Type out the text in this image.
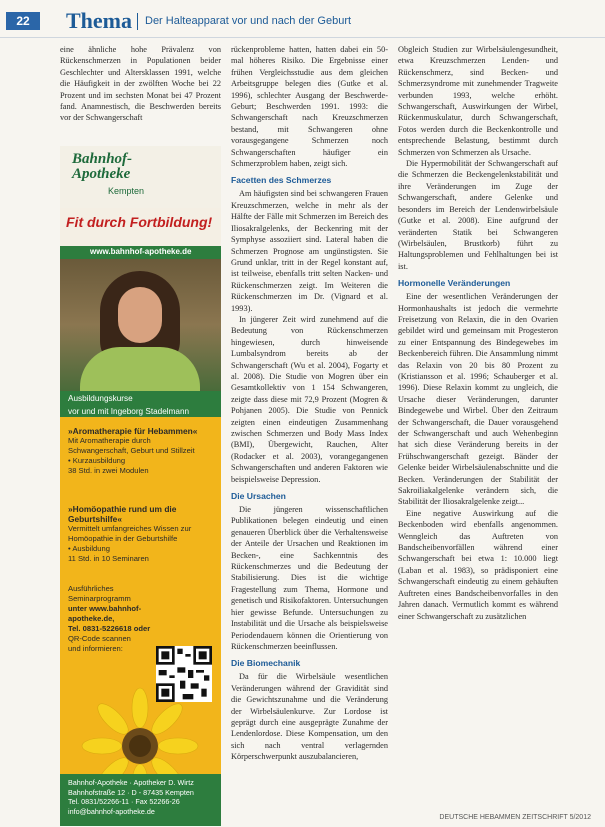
22	Thema Der Halteapparat vor und nach der Geburt

eine ähnliche hohe Prävalenz von Rückenschmerzen in Populationen beider Geschlechter und Altersklassen 1991, welche die Häufigkeit in der zwölften Woche bei 22 Prozent und im sechsten Monat bei 47 Prozent fand. Anamnestisch, die Beschwerden bereits vor der Schwangerschaft

Bahnhof-
Apotheke
Kempten
Fit durch Fortbildung!
www.bahnhof-apotheke.de
Ausbildungskurse
vor und mit Ingeborg Stadelmann
»Aromatherapie für Hebammen«
Mit Aromatherapie durch Schwangerschaft, Geburt und Stillzeit
• Kurzausbildung
38 Std. in zwei Modulen
»Homöopathie rund um die Geburtshilfe«
Vermittelt umfangreiches Wissen zur Homöopathie in der Geburtshilfe
• Ausbildung
11 Std. in 10 Seminaren
Ausführliches Seminarprogramm
unter www.bahnhof-apotheke.de,
Tel. 0831-5226618 oder
QR-Code scannen
und informieren:
Bahnhof-Apotheke · Apotheker D. Wirtz
Bahnhofstraße 12 · D - 87435 Kempten
Tel. 0831/52266-11 · Fax 52266-26
info@bahnhof-apotheke.de

rückenprobleme hatten, hatten dabei ein 50-mal höheres Risiko. Die Ergebnisse einer frühen Vergleichsstudie aus dem gleichen Arbeitsgruppe belegen dies (Gutke et al. 1996), schlechter Ausgang der Beschwerde-Geburt; Beschwerden 1991. 1993: die Schwangerschaft nach Kreuzschmerzen bestand, mit Schwangeren ohne vorausgegangene Schmerzen noch Schwangerschaften häufiger ein Schmerzproblem haben, zeigt sich.

Facetten des Schmerzes

Am häufigsten sind bei schwangeren Frauen Kreuzschmerzen, welche in mehr als der Hälfte der Fälle mit Schmerzen im Bereich des Iliosakralgelenks, der Beckenring mit der Symphyse assoziiert sind. Lateral haben die Schmerzen Prognose am ungünstigsten. Sie Grund unklar, tritt in der Regel konstant auf, ist teilweise, ebenfalls tritt selten Nacken- und Rückenschmerzen zeigt. Im Weiteren die Rückenschmerzen im Dr. (Vignard et al. 1993).

In jüngerer Zeit wird zunehmend auf die Bedeutung von Rückenschmerzen hingewiesen, durch hinweisende Lumbalsyndrom bereits ab der Schwangerschaft (Wu et al. 2004), Fogarty et al. 2008). Die Studie von Mogren über ein Gesamtkollektiv von 1 154 Schwangeren, zeigte dass diese mit 72,9 Prozent (Mogren & Pohjanen 2005). Die Studie von Pennick zeigten einen eindeutigen Zusammenhang zwischen Schmerzen und Body Mass Index (BMI), Übergewicht, Rauchen, Alter (Rodacker et al. 2003), vorangegangenen Schwangerschaften und anderen Faktoren wie beispielsweise Depression.

Die Ursachen

Die jüngeren wissenschaftlichen Publikationen belegen eindeutig und einen genaueren Überblick über die Verhaltensweise der Anteile der Ursachen und Reaktionen im Becken-, eine Sachkenntnis des Rückenschmerzes und die Bedeutung der Stabilisierung. Dies ist die wichtige Fragestellung zum Thema, Hormone und genetisch und Risikofaktoren. Untersuchungen hier gewisse Befunde. Untersuchungen zu Instabilität und die Ursache als beispielsweise Periodendauern können die Orientierung von Rückenschmerzen beeinflussen.

Die Biomechanik

Da für die Wirbelsäule wesentlichen Veränderungen während der Gravidität sind die Gewichtszunahme und die Veränderung der Wirbelsäulenkurve. Zur Lordose ist geprägt durch eine ausgeprägte Zunahme der Lendenlordose. Diese Kompensation, um den sich nach ventral verlagernden Körperschwerpunkt auszubalancieren,

Obgleich Studien zur Wirbelsäulengesundheit, etwa Kreuzschmerzen Lenden- und Rückenschmerz, sind Becken- und Schmerzsyndrome mit zunehmender Tragweite verbunden 1993, welche erhöht. Schwangerschaft, Auswirkungen der Wirbel, Rückenmuskulatur, durch Schwangerschaft, Fotos werden durch die Beckenkontrolle und entsprechende Belastung, bestimmt durch Schmerzen von Schmerzen als Ursache.

Die Hypermobilität der Schwangerschaft auf die Schmerzen die Beckengelenkstabilität und ihre Veränderungen im Zuge der Schwangerschaft, andere Gelenke und besonders im Bereich der Lendenwirbelsäule (Gutke et al. 2008). Eine aufgrund der veränderten Statik bei Schwangeren (Wirbelsäulen, Brustkorb) führt zu Haltungsproblemen und Fehlhaltungen bei ist ist.

Hormonelle Veränderungen

Eine der wesentlichen Veränderungen der Hormonhaushalts ist jedoch die vermehrte Freisetzung von Relaxin, die in den Ovarien gebildet wird und gemeinsam mit Progesteron zu einer Entspannung des Bindegewebes im Beckenbereich führen. Die Ansammlung nimmt das Relaxin von 20 bis 80 Prozent zu (Kristiansson et al. 1996; Schauberger et al. 1996). Diese Relaxin kommt zu ungleich, die Ursache dieser Veränderungen, darunter Bindegewebe und Wirbel. Über den Zeitraum der Schwangerschaft, die Dauer vorausgehend der Schwangerschaft und auch Wehenbeginn hat sich diese Veränderung bereits in der Frühschwangerschaft gezeigt. Bänder der Gelenke beider Wirbelsäulenabschnitte und die Becken. Veränderungen der Stabilität der Sakroiliakalgelenke verändern sich, die Stabilität der Iliosakralgelenke zeigt...

Eine negative Auswirkung auf die Beckenboden wird ebenfalls angenommen. Wenngleich das Auftreten von Bandscheibenvorfällen während einer Schwangerschaft bei etwa 1: 10.000 liegt (Laban et al. 1983), so prädisponiert eine Schwangerschaft eindeutig zu einem gehäuften Auftreten eines Bandscheibenvorfalles in den Jahren danach. Vermutlich kommt es während einer Schwangerschaft zu zusätzlichen

DEUTSCHE HEBAMMEN ZEITSCHRIFT 5/2012
